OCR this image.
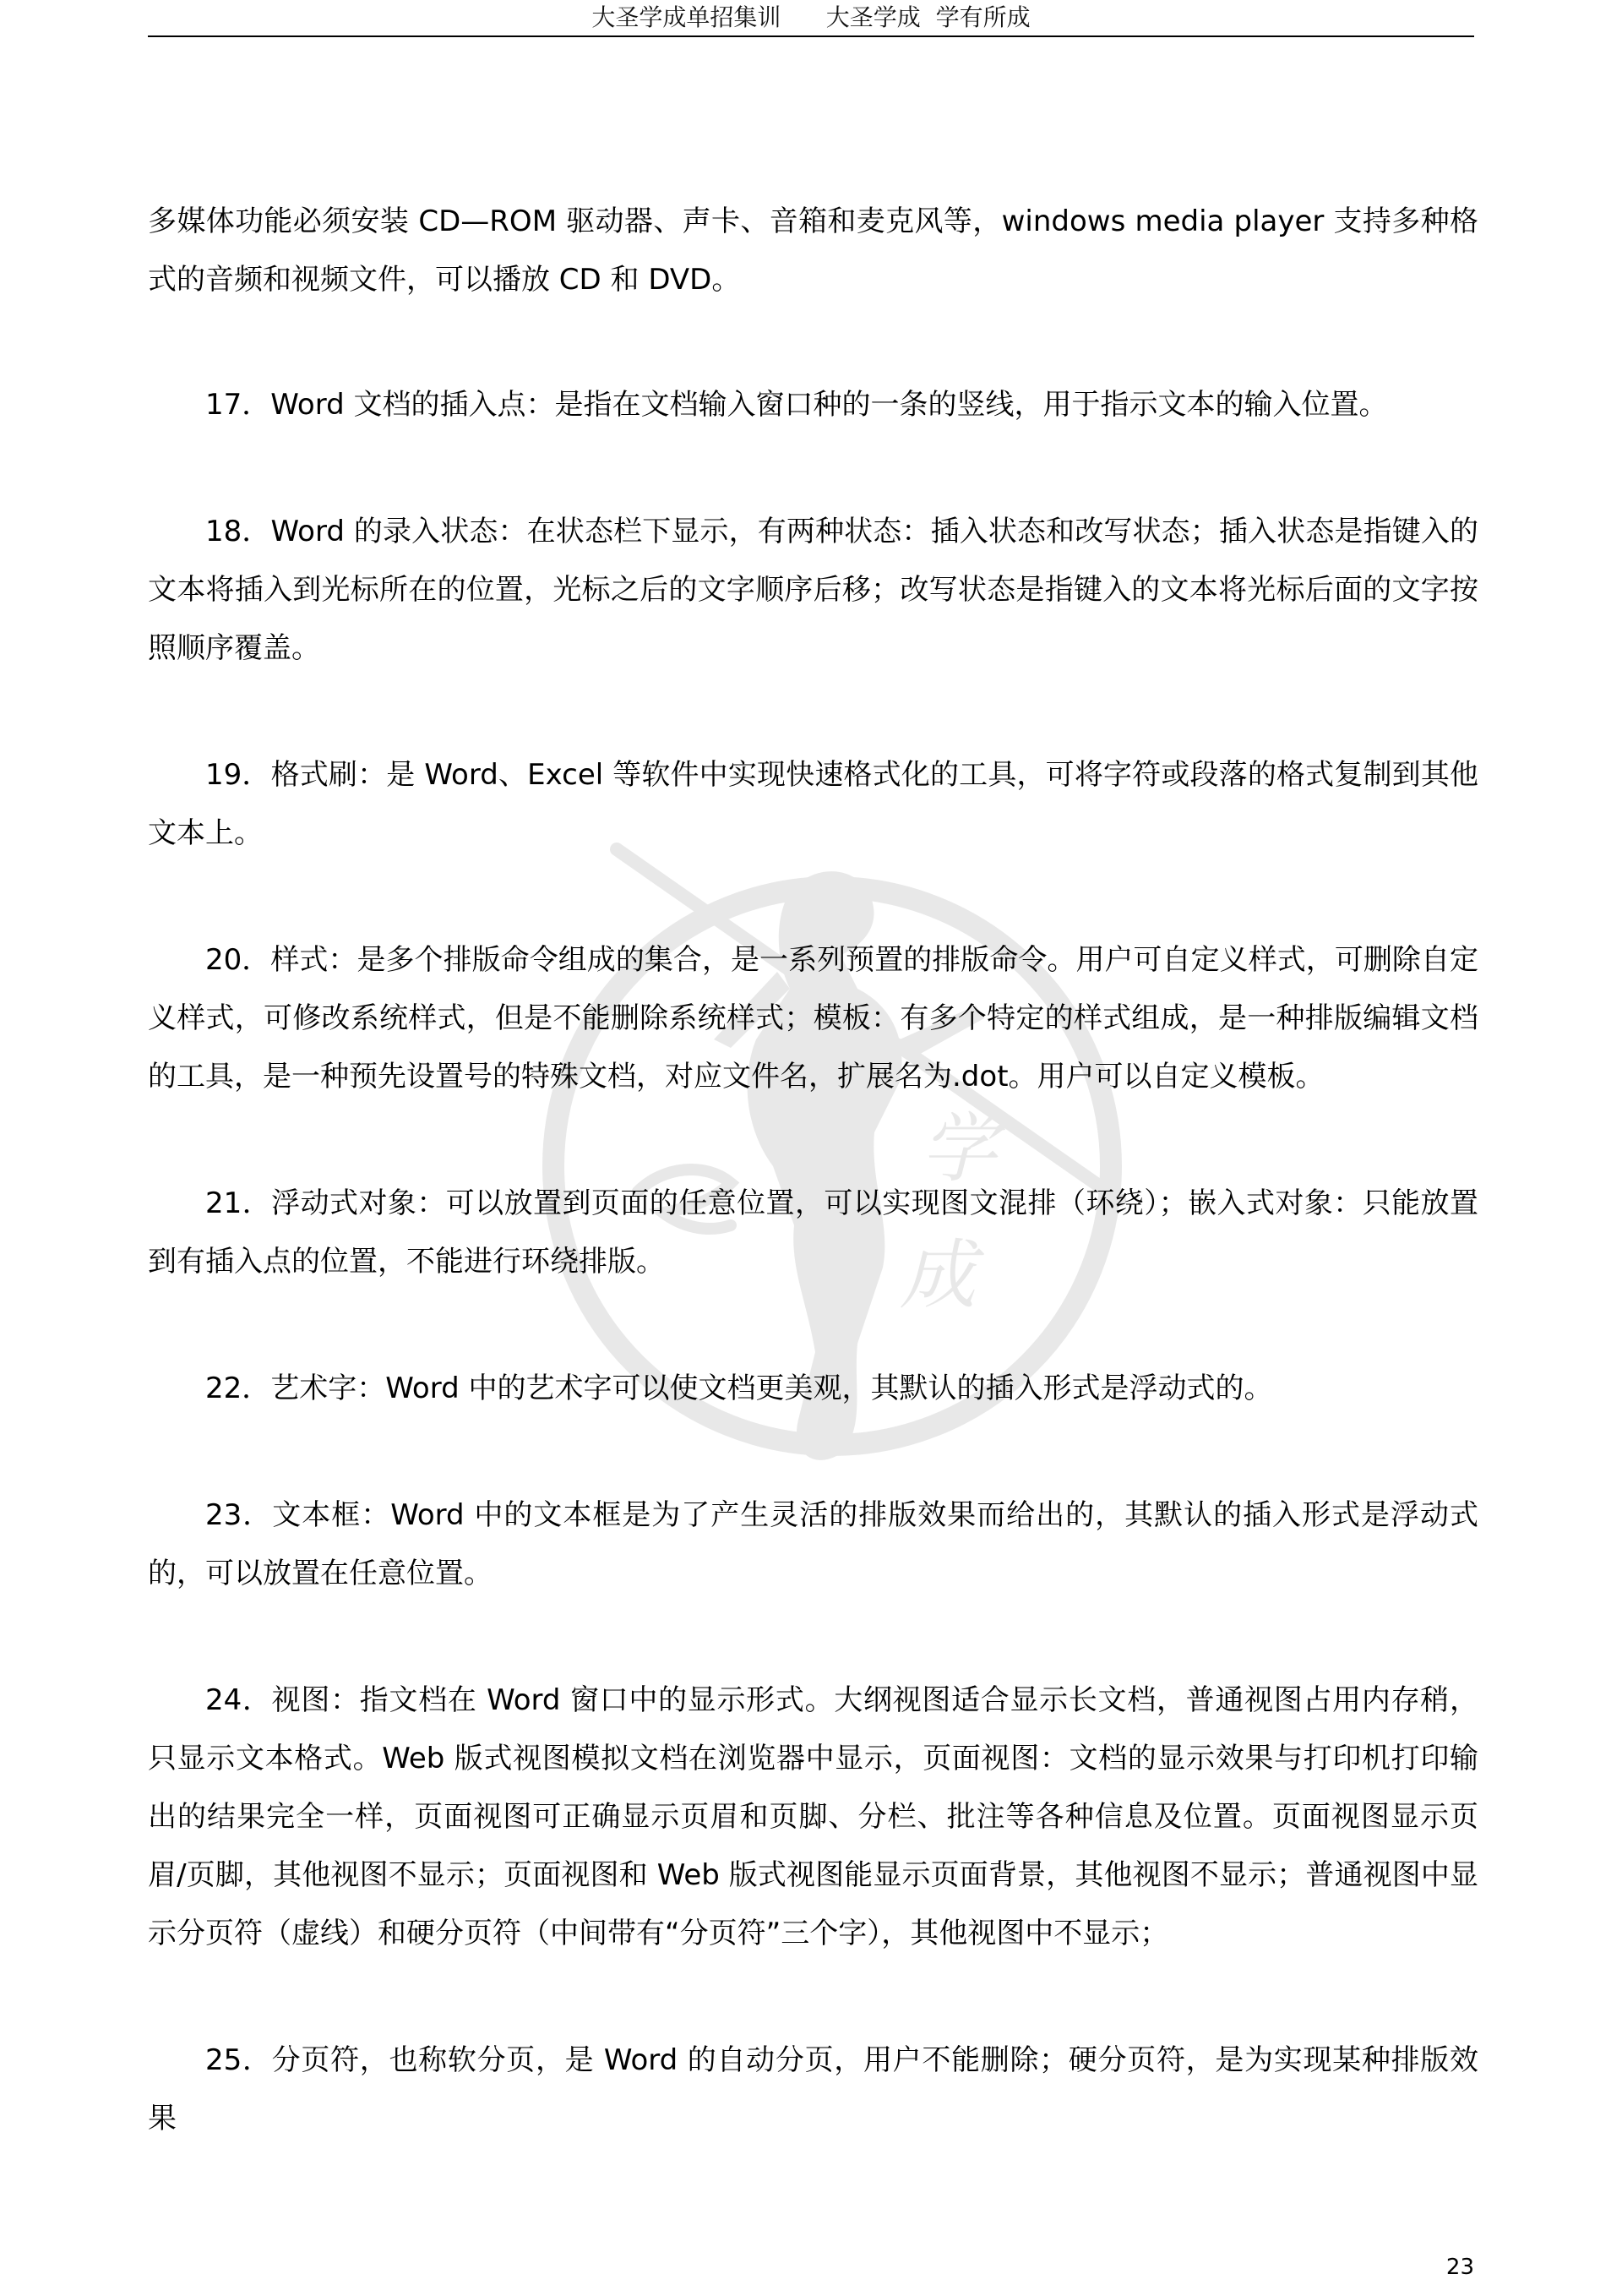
大圣学成单招集训      大圣学成  学有所成
学
成

多媒体功能必须安装 CD—ROM 驱动器、声卡、音箱和麦克风等，windows media player 支持多种格式的音频和视频文件，可以播放 CD 和 DVD。

17．Word 文档的插入点：是指在文档输入窗口种的一条的竖线，用于指示文本的输入位置。

18．Word 的录入状态：在状态栏下显示，有两种状态：插入状态和改写状态；插入状态是指键入的文本将插入到光标所在的位置，光标之后的文字顺序后移；改写状态是指键入的文本将光标后面的文字按照顺序覆盖。

19．格式刷：是 Word、Excel 等软件中实现快速格式化的工具，可将字符或段落的格式复制到其他文本上。

20．样式：是多个排版命令组成的集合，是一系列预置的排版命令。用户可自定义样式，可删除自定义样式，可修改系统样式，但是不能删除系统样式；模板：有多个特定的样式组成，是一种排版编辑文档的工具，是一种预先设置号的特殊文档，对应文件名，扩展名为.dot。用户可以自定义模板。

21．浮动式对象：可以放置到页面的任意位置，可以实现图文混排（环绕）；嵌入式对象：只能放置到有插入点的位置，不能进行环绕排版。

22．艺术字：Word 中的艺术字可以使文档更美观，其默认的插入形式是浮动式的。

23．文本框：Word 中的文本框是为了产生灵活的排版效果而给出的，其默认的插入形式是浮动式的，可以放置在任意位置。

24．视图：指文档在 Word 窗口中的显示形式。大纲视图适合显示长文档，普通视图占用内存稍，只显示文本格式。Web 版式视图模拟文档在浏览器中显示，页面视图：文档的显示效果与打印机打印输出的结果完全一样，页面视图可正确显示页眉和页脚、分栏、批注等各种信息及位置。页面视图显示页眉/页脚，其他视图不显示；页面视图和 Web 版式视图能显示页面背景，其他视图不显示；普通视图中显示分页符（虚线）和硬分页符（中间带有“分页符”三个字），其他视图中不显示；

25．分页符，也称软分页，是 Word 的自动分页，用户不能删除；硬分页符，是为实现某种排版效果

23
